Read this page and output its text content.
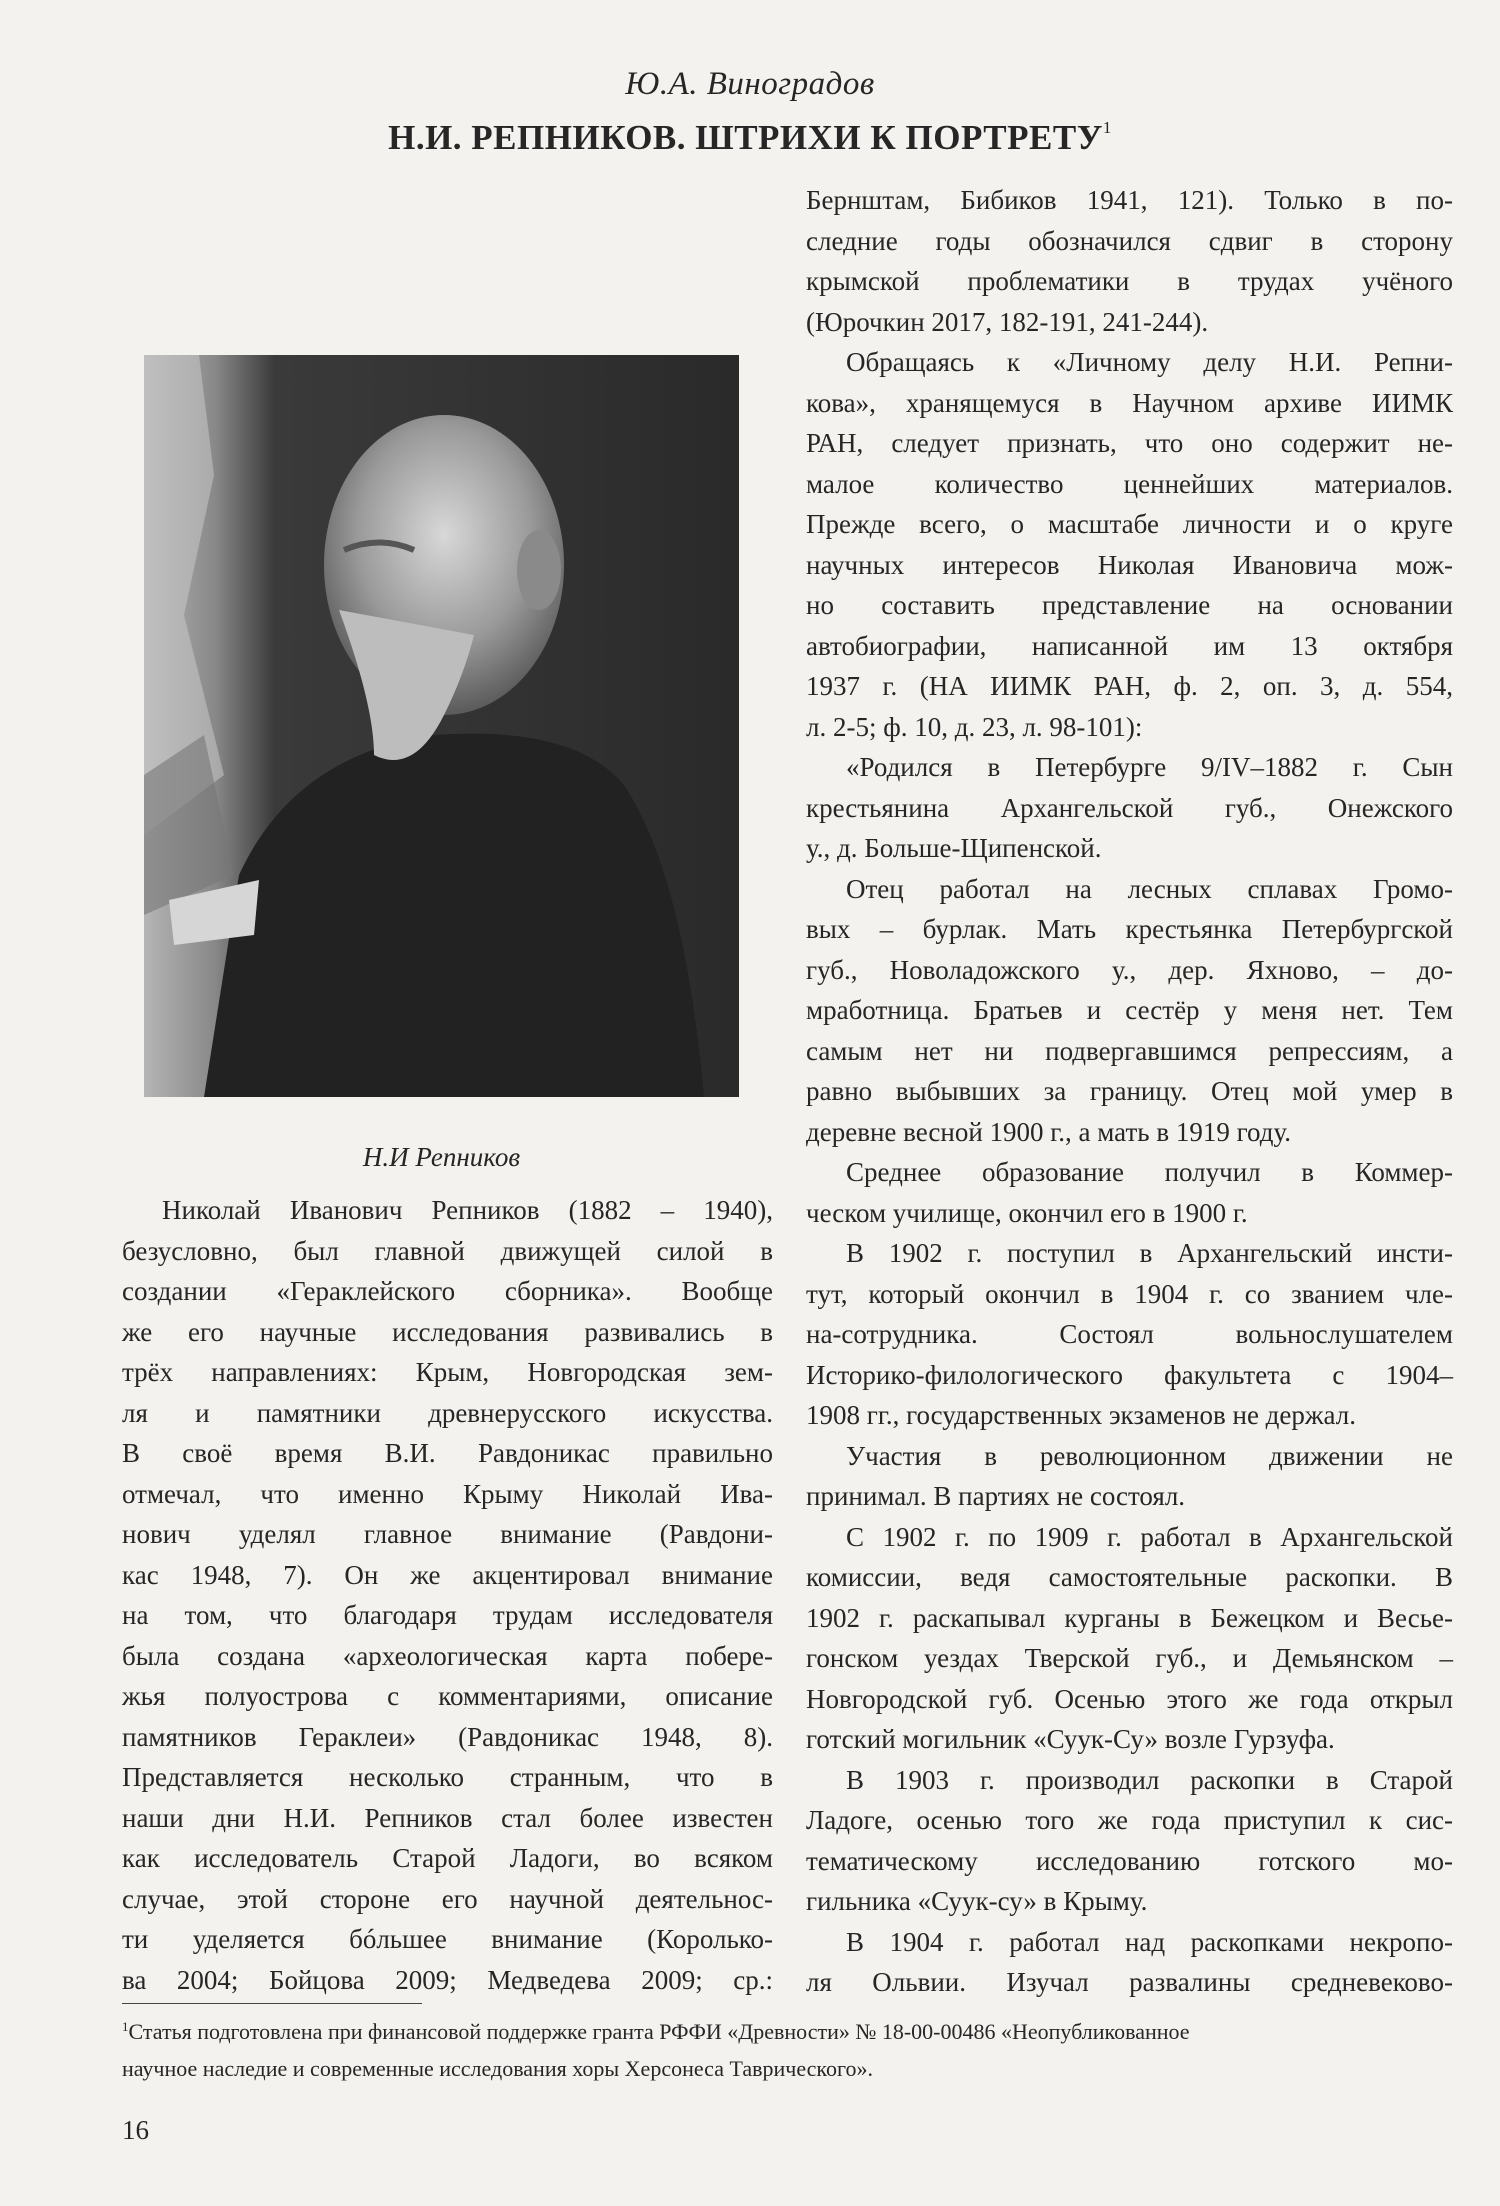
Ю.А. Виноградов
Н.И. РЕПНИКОВ. ШТРИХИ К ПОРТРЕТУ$^1$
Н.И Репников
Николай Иванович Репников (1882 – 1940),
безусловно, был главной движущей силой в
создании «Гераклейского сборника». Вообще
же его научные исследования развивались в
трёх направлениях: Крым, Новгородская зем-
ля и памятники древнерусского искусства.
В своё время В.И. Равдоникас правильно
отмечал, что именно Крыму Николай Ива-
нович уделял главное внимание (Равдони-
кас 1948, 7). Он же акцентировал внимание
на том, что благодаря трудам исследователя
была создана «археологическая карта побере-
жья полуострова с комментариями, описание
памятников Гераклеи» (Равдоникас 1948, 8).
Представляется несколько странным, что в
наши дни Н.И. Репников стал более известен
как исследователь Старой Ладоги, во всяком
случае, этой стороне его научной деятельнос-
ти уделяется бóльшее внимание (Королько-
ва 2004; Бойцова 2009; Медведева 2009; ср.:
Бернштам, Бибиков 1941, 121). Только в по-
следние годы обозначился сдвиг в сторону
крымской проблематики в трудах учёного
(Юрочкин 2017, 182-191, 241-244).
Обращаясь к «Личному делу Н.И. Репни-
кова», хранящемуся в Научном архиве ИИМК
РАН, следует признать, что оно содержит не-
малое количество ценнейших материалов.
Прежде всего, о масштабе личности и о круге
научных интересов Николая Ивановича мож-
но составить представление на основании
автобиографии, написанной им 13 октября
1937 г. (НА ИИМК РАН, ф. 2, оп. 3, д. 554,
л. 2-5; ф. 10, д. 23, л. 98-101):
«Родился в Петербурге 9/IV–1882 г. Сын
крестьянина Архангельской губ., Онежского
у., д. Больше-Щипенской.
Отец работал на лесных сплавах Громо-
вых – бурлак. Мать крестьянка Петербургской
губ., Новоладожского у., дер. Яхново, – до-
мработница. Братьев и сестёр у меня нет. Тем
самым нет ни подвергавшимся репрессиям, а
равно выбывших за границу. Отец мой умер в
деревне весной 1900 г., а мать в 1919 году.
Среднее образование получил в Коммер-
ческом училище, окончил его в 1900 г.
В 1902 г. поступил в Архангельский инсти-
тут, который окончил в 1904 г. со званием чле-
на-сотрудника. Состоял вольнослушателем
Историко-филологического факультета с 1904–
1908 гг., государственных экзаменов не держал.
Участия в революционном движении не
принимал. В партиях не состоял.
С 1902 г. по 1909 г. работал в Архангельской
комиссии, ведя самостоятельные раскопки. В
1902 г. раскапывал курганы в Бежецком и Весье-
гонском уездах Тверской губ., и Демьянском –
Новгородской губ. Осенью этого же года открыл
готский могильник «Суук-Су» возле Гурзуфа.
В 1903 г. производил раскопки в Старой
Ладоге, осенью того же года приступил к сис-
тематическому исследованию готского мо-
гильника «Суук-су» в Крыму.
В 1904 г. работал над раскопками некропо-
ля Ольвии. Изучал развалины средневеково-
$^1$Статья подготовлена при финансовой поддержке гранта РФФИ «Древности» № 18-00-00486 «Неопубликованное
научное наследие и современные исследования хоры Херсонеса Таврического».
16
